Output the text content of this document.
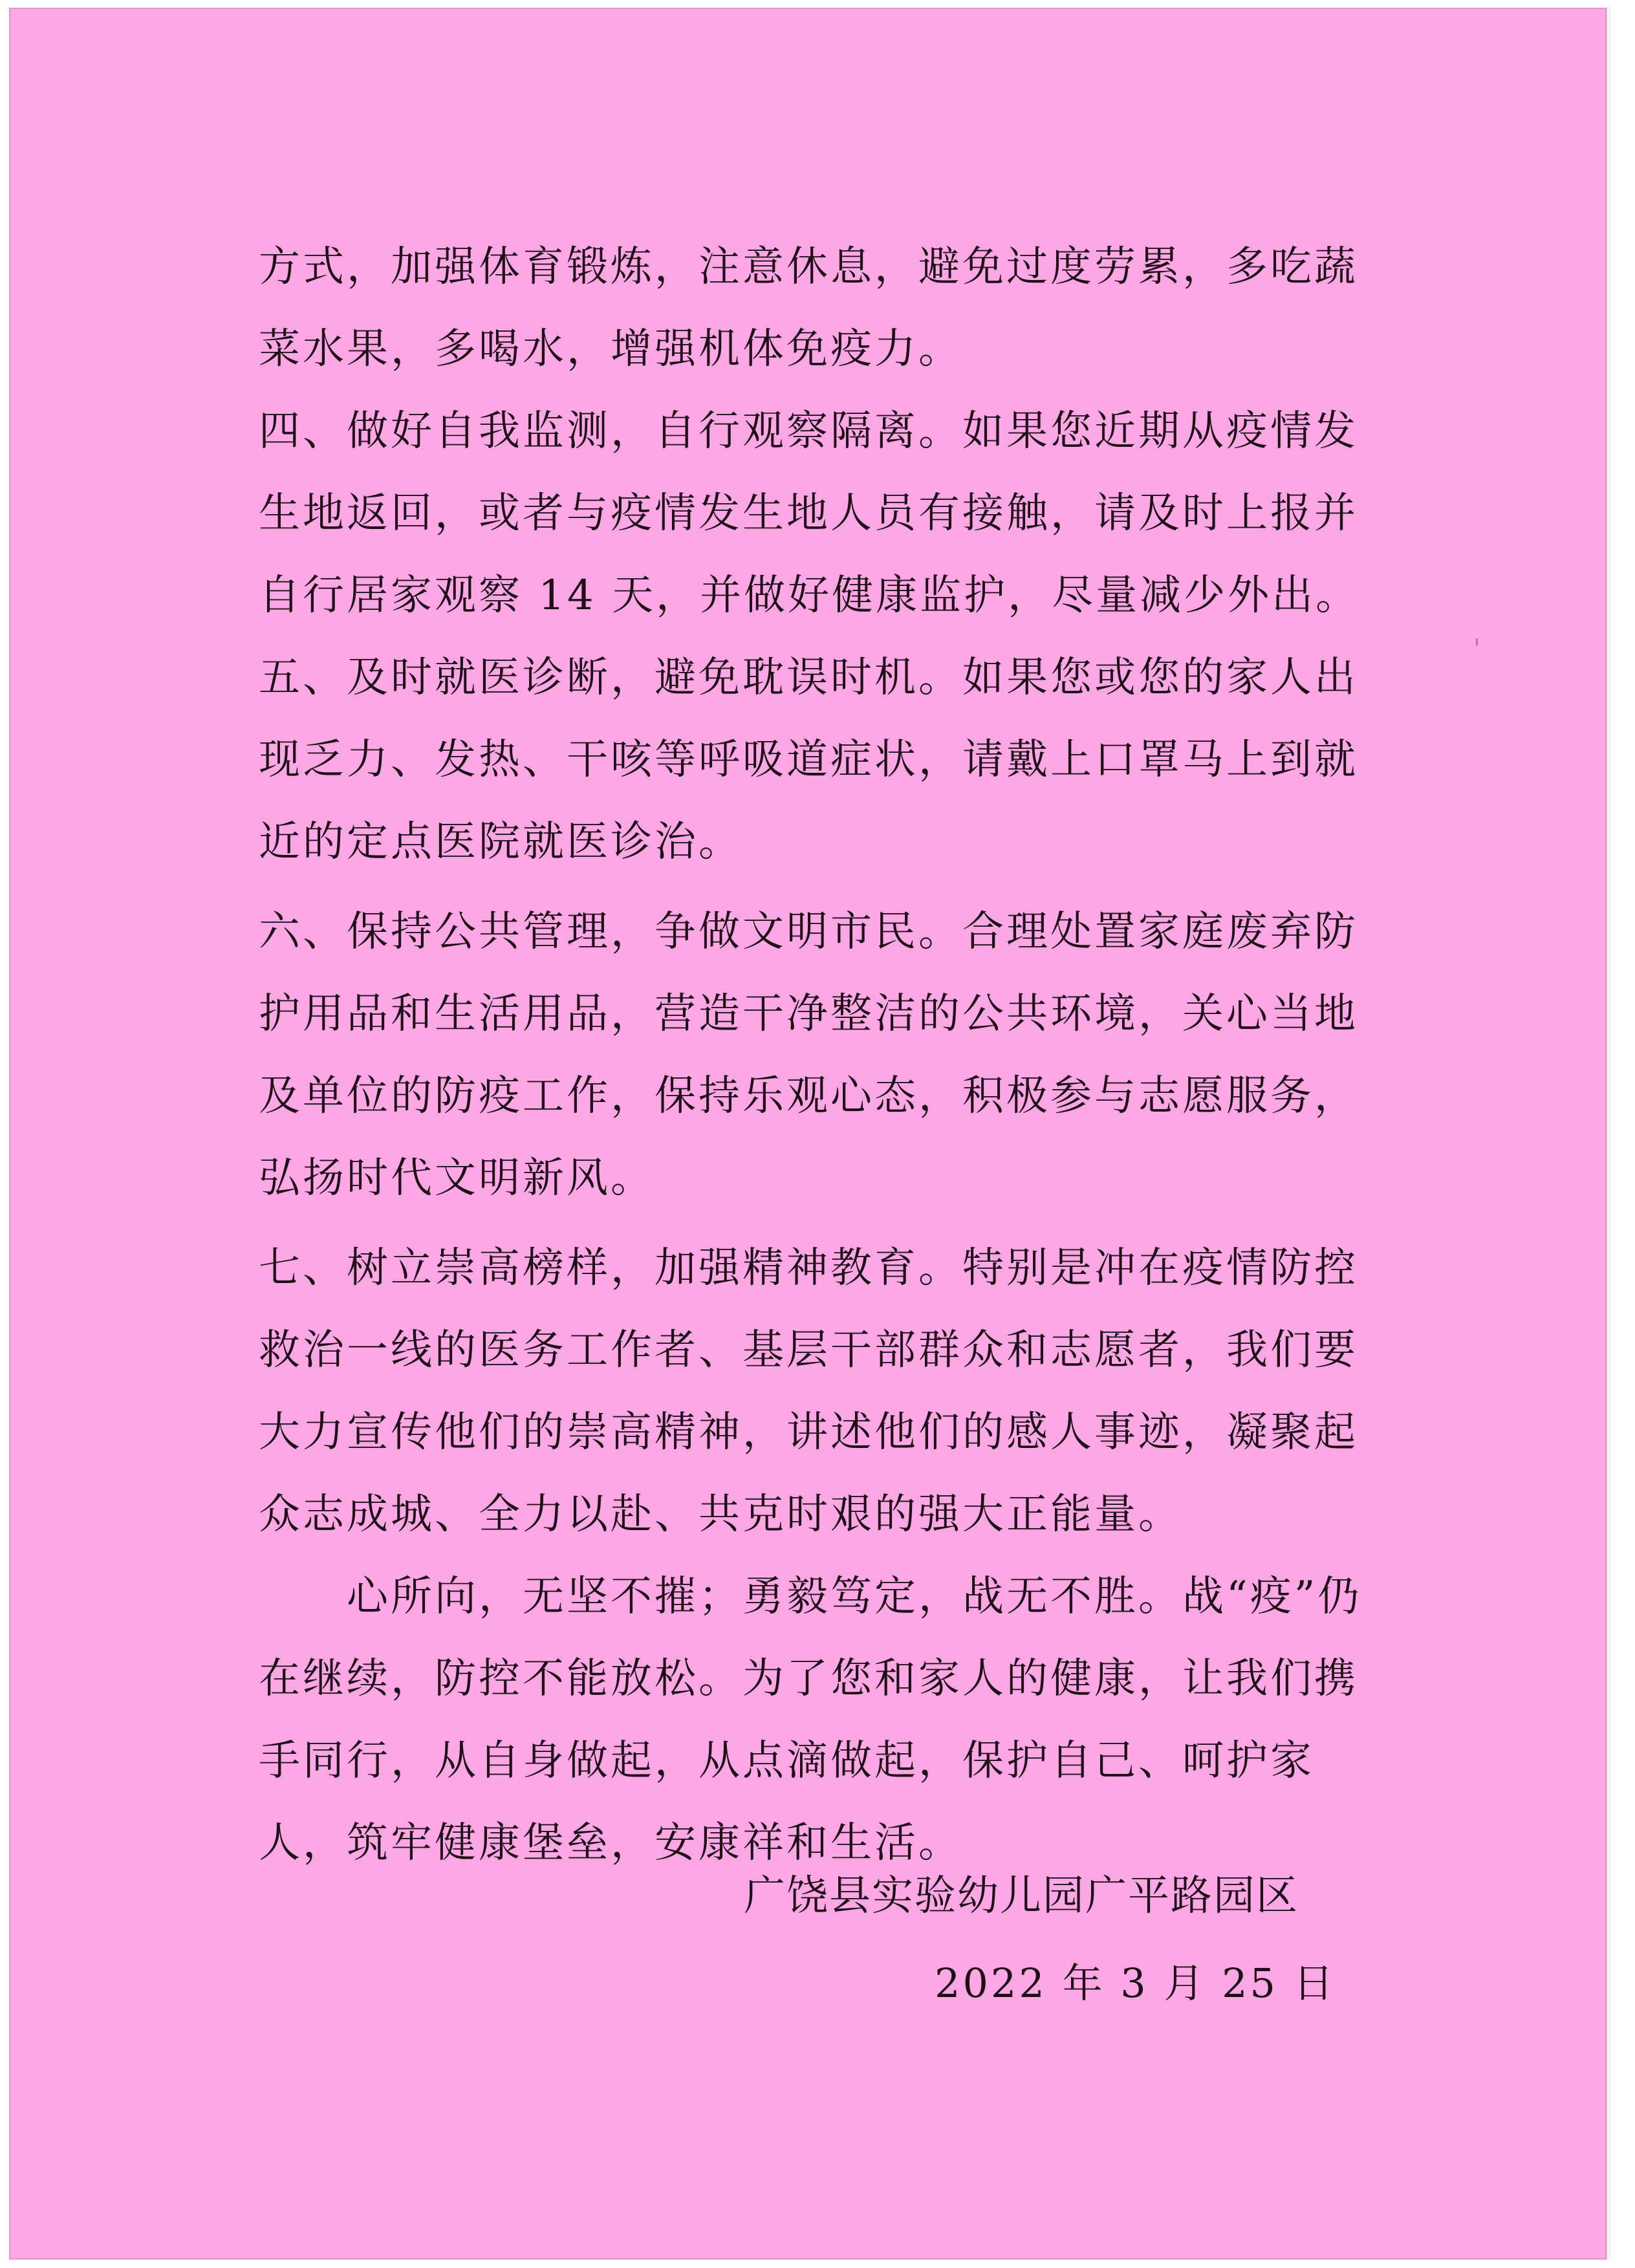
方式，加强体育锻炼，注意休息，避免过度劳累，多吃蔬菜水果，多喝水，增强机体免疫力。

四、做好自我监测，自行观察隔离。如果您近期从疫情发生地返回，或者与疫情发生地人员有接触，请及时上报并自行居家观察 14 天，并做好健康监护，尽量减少外出。

五、及时就医诊断，避免耽误时机。如果您或您的家人出现乏力、发热、干咳等呼吸道症状，请戴上口罩马上到就近的定点医院就医诊治。

六、保持公共管理，争做文明市民。合理处置家庭废弃防护用品和生活用品，营造干净整洁的公共环境，关心当地及单位的防疫工作，保持乐观心态，积极参与志愿服务，弘扬时代文明新风。

七、树立崇高榜样，加强精神教育。特别是冲在疫情防控救治一线的医务工作者、基层干部群众和志愿者，我们要大力宣传他们的崇高精神，讲述他们的感人事迹，凝聚起众志成城、全力以赴、共克时艰的强大正能量。

　　心所向，无坚不摧；勇毅笃定，战无不胜。战“疫”仍在继续，防控不能放松。为了您和家人的健康，让我们携手同行，从自身做起，从点滴做起，保护自己、呵护家人，筑牢健康堡垒，安康祥和生活。

广饶县实验幼儿园广平路园区
2022 年 3 月 25 日
